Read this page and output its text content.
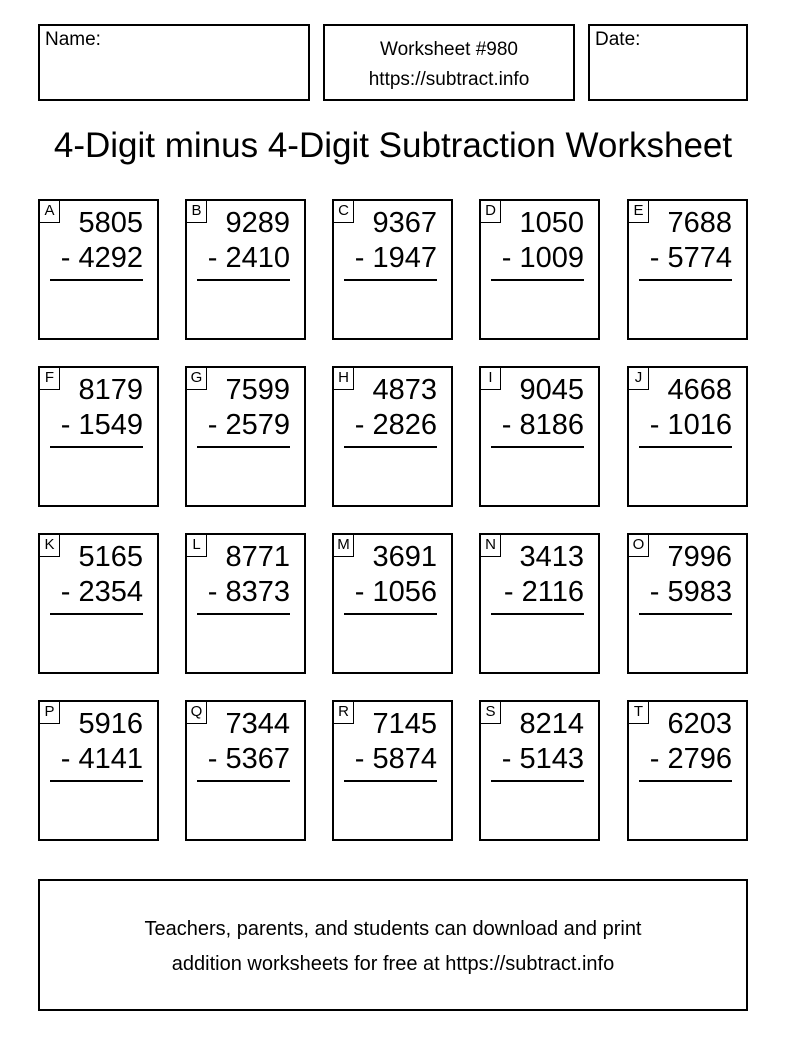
Name:	Worksheet #980
https://subtract.info
Date:
4-Digit minus 4-Digit Subtraction Worksheet
A 5805
- 4292
B 9289
- 2410
C 9367
- 1947
D 1050
- 1009
E 7688
- 5774
F 8179
- 1549
G 7599
- 2579
H 4873
- 2826
I 9045
- 8186
J 4668
- 1016
K 5165
- 2354
L 8771
- 8373
M 3691
- 1056
N 3413
- 2116
O 7996
- 5983
P 5916
- 4141
Q 7344
- 5367
R 7145
- 5874
S 8214
- 5143
T 6203
- 2796
Teachers, parents, and students can download and print
addition worksheets for free at https://subtract.info
